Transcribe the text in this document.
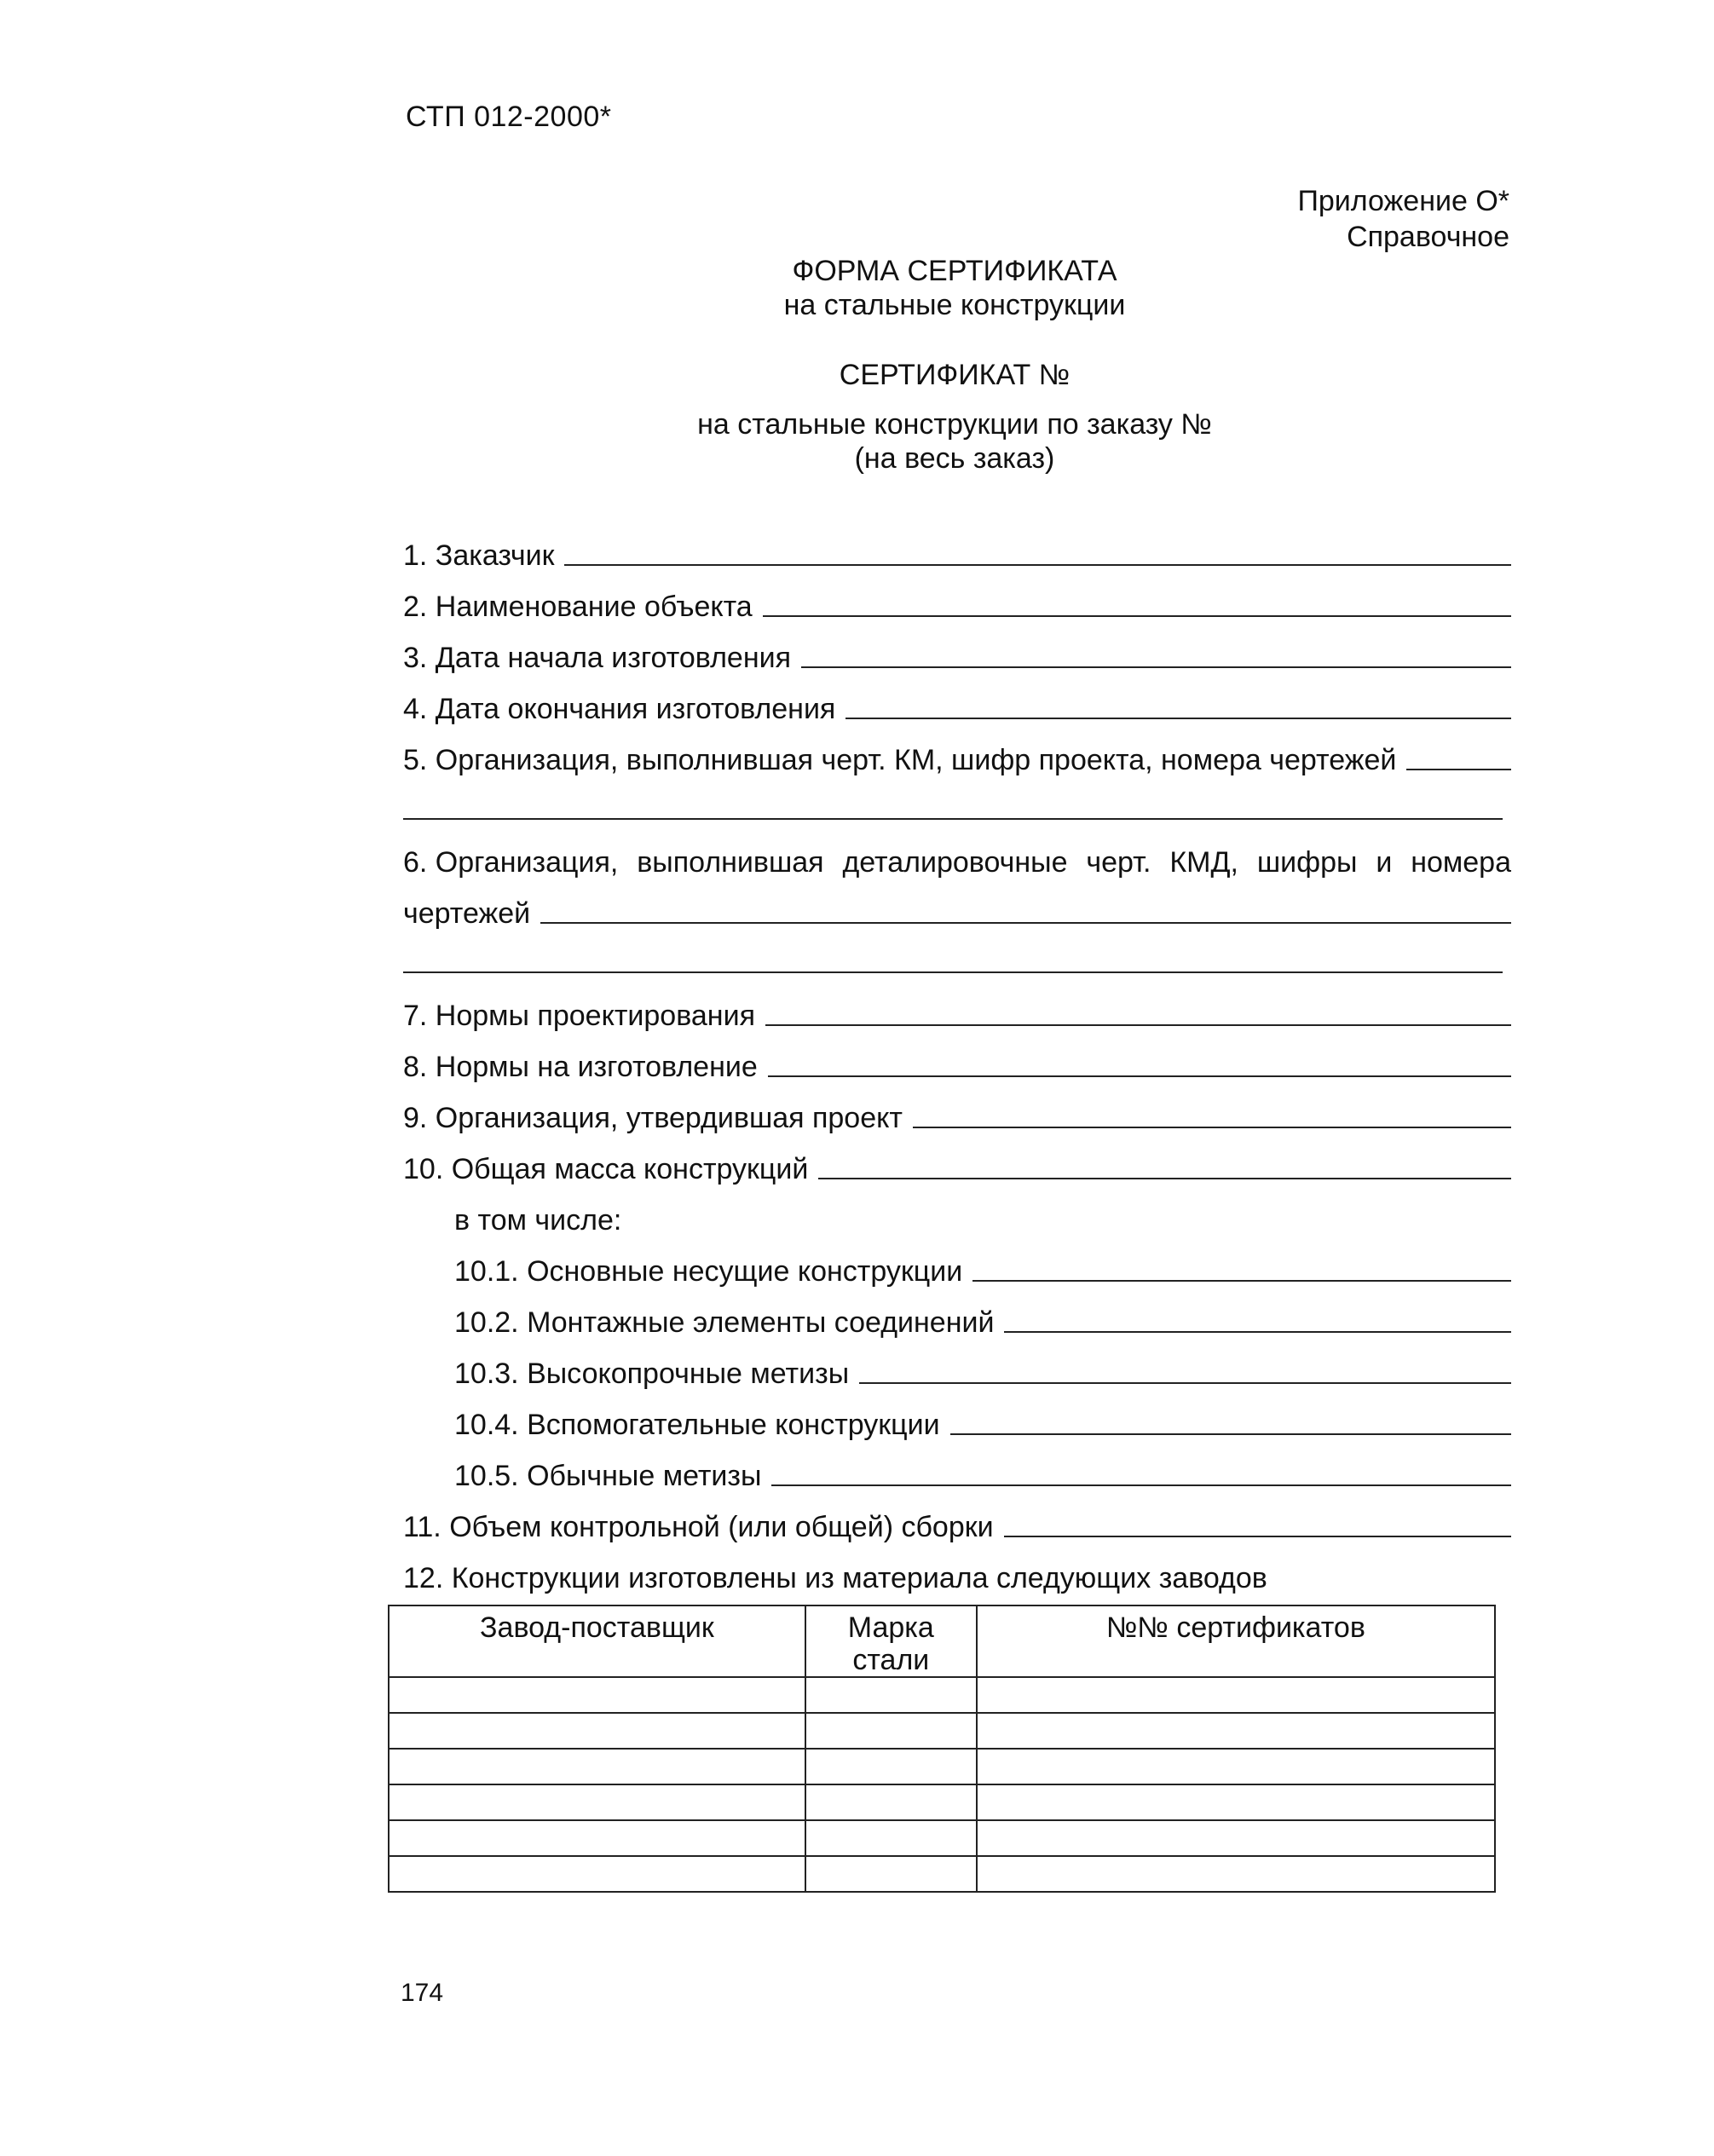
СТП 012-2000*
Приложение О*
Справочное
ФОРМА СЕРТИФИКАТА
на стальные конструкции
СЕРТИФИКАТ №
на стальные конструкции по заказу №
(на весь заказ)
1. Заказчик
2. Наименование объекта
3. Дата начала изготовления
4. Дата окончания изготовления
5. Организация, выполнившая черт. КМ, шифр проекта, номера чертежей
6. Организация, выполнившая деталировочные черт. КМД, шифры и номера
чертежей
7. Нормы проектирования
8. Нормы на изготовление
9. Организация, утвердившая проект
10. Общая масса конструкций
в том числе:
10.1. Основные несущие конструкции
10.2. Монтажные элементы соединений
10.3. Высокопрочные метизы
10.4. Вспомогательные конструкции
10.5. Обычные метизы
11. Объем контрольной (или общей) сборки
12. Конструкции изготовлены из материала следующих заводов
Завод-поставщик	Марка стали	№№ сертификатов

174
